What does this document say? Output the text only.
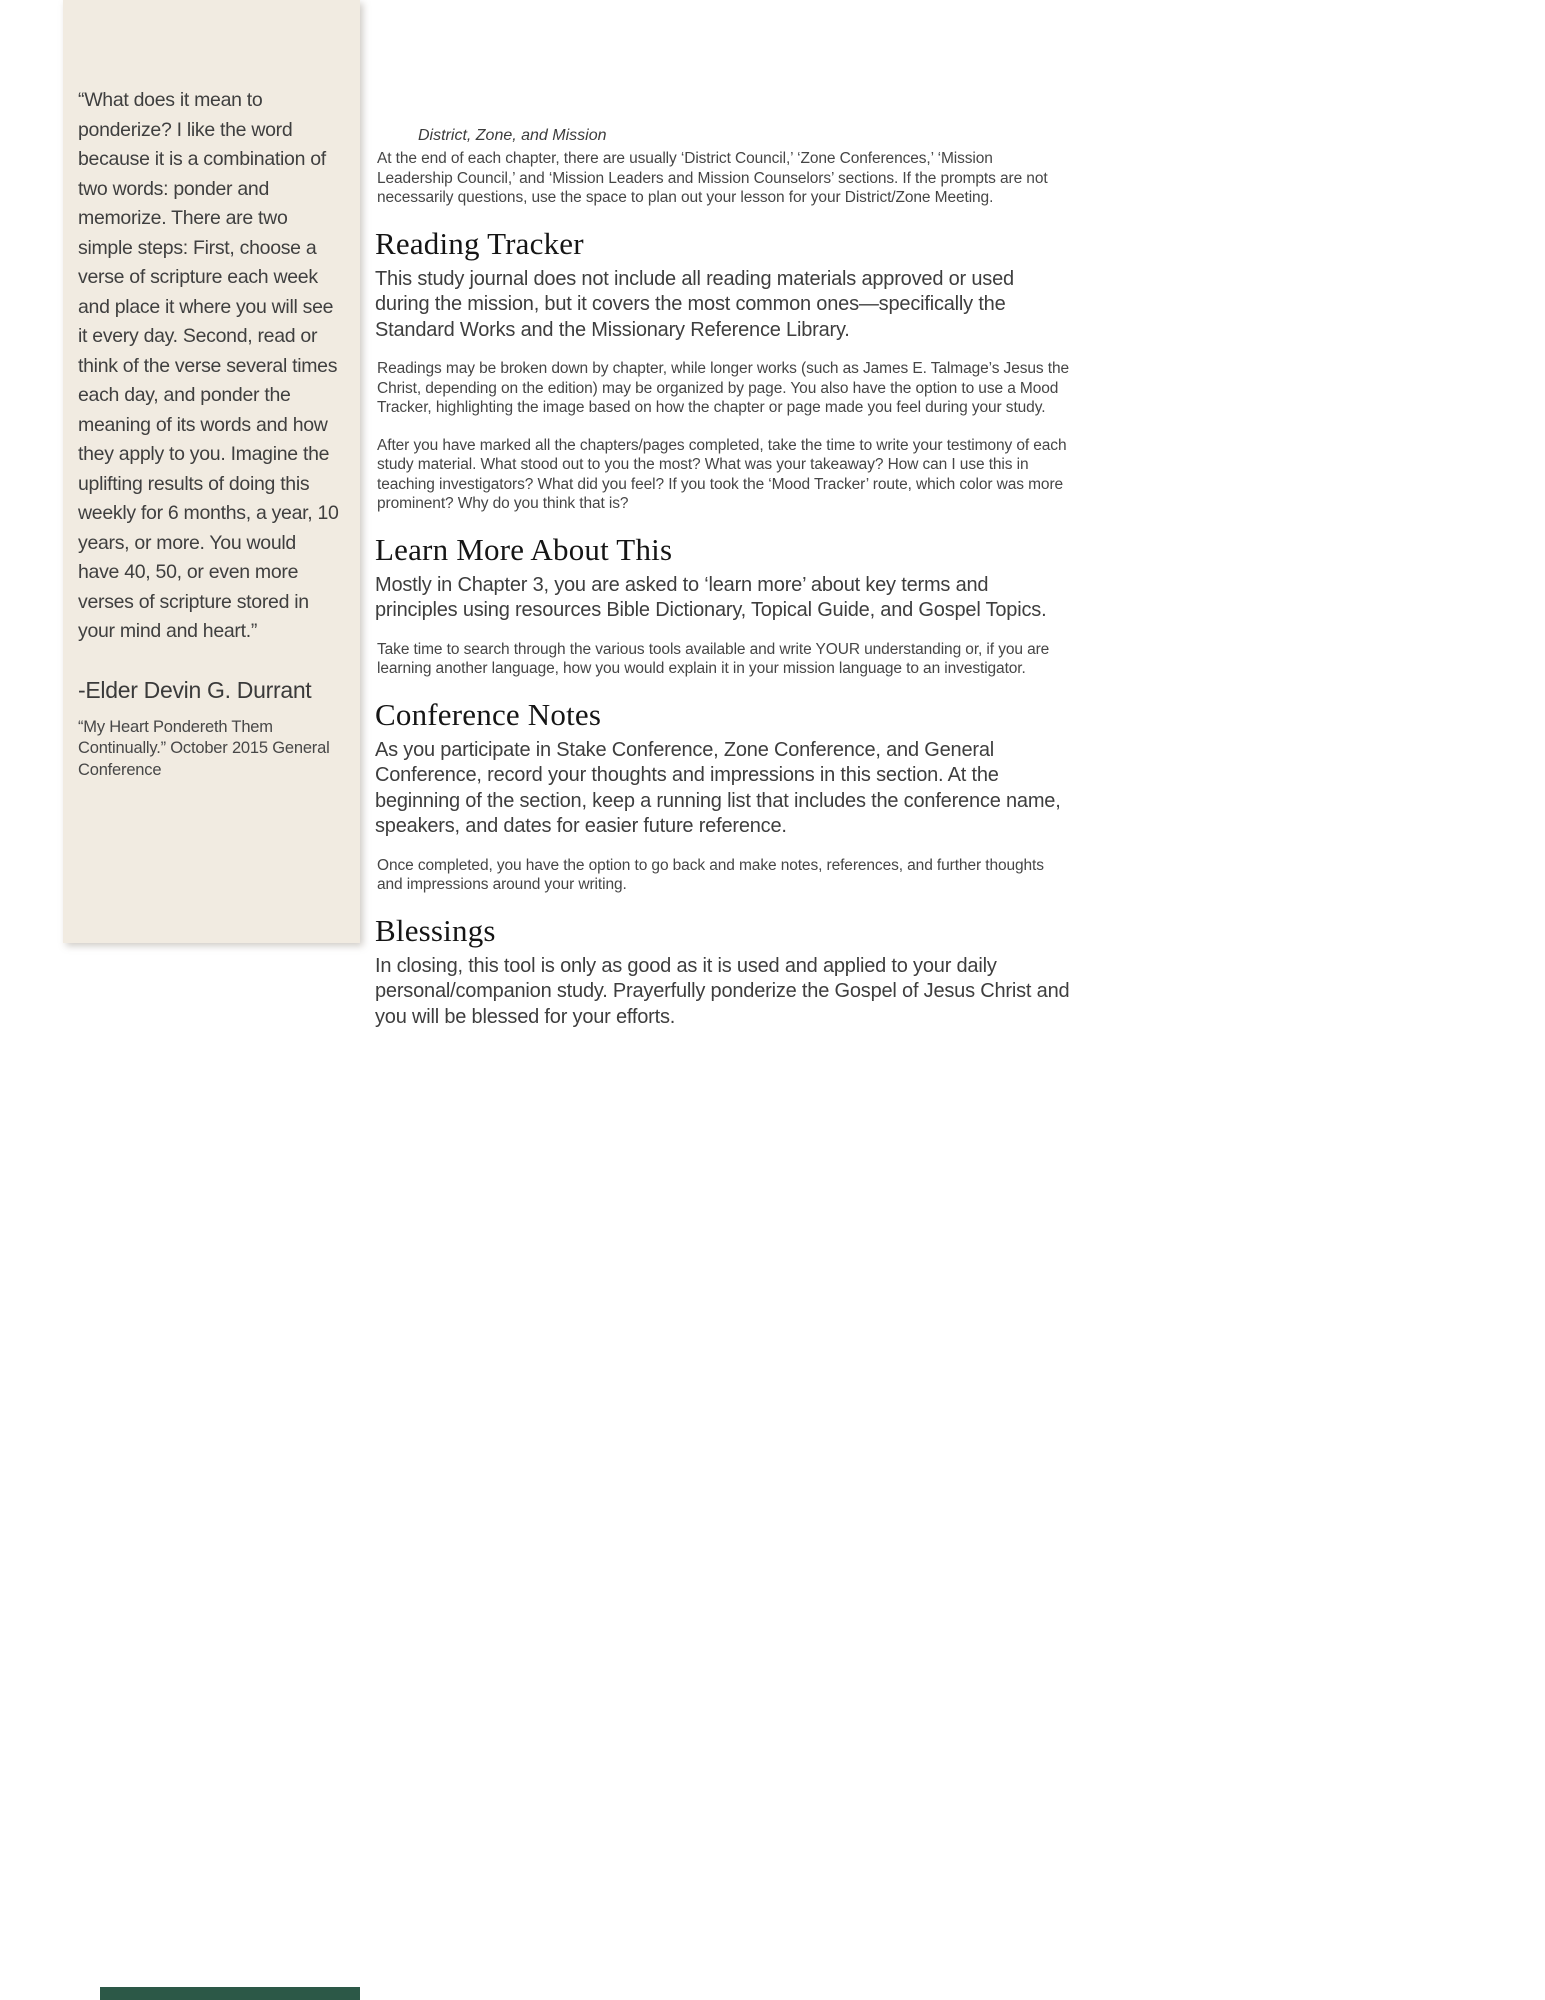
“What does it mean to ponderize? I like the word because it is a combination of two words: ponder and memorize. There are two simple steps: First, choose a verse of scripture each week and place it where you will see it every day. Second, read or think of the verse several times each day, and ponder the meaning of its words and how they apply to you. Imagine the uplifting results of doing this weekly for 6 months, a year, 10 years, or more. You would have 40, 50, or even more verses of scripture stored in your mind and heart.”

-Elder Devin G. Durrant

“My Heart Pondereth Them Continually.” October 2015 General Conference

District, Zone, and Mission

At the end of each chapter, there are usually ‘District Council,’ ‘Zone Conferences,’ ‘Mission Leadership Council,’ and ‘Mission Leaders and Mission Counselors’ sections. If the prompts are not necessarily questions, use the space to plan out your lesson for your District/Zone Meeting.

Reading Tracker

This study journal does not include all reading materials approved or used during the mission, but it covers the most common ones—specifically the Standard Works and the Missionary Reference Library.

Readings may be broken down by chapter, while longer works (such as James E. Talmage’s Jesus the Christ, depending on the edition) may be organized by page. You also have the option to use a Mood Tracker, highlighting the image based on how the chapter or page made you feel during your study.

After you have marked all the chapters/pages completed, take the time to write your testimony of each study material. What stood out to you the most? What was your takeaway? How can I use this in teaching investigators? What did you feel? If you took the ‘Mood Tracker’ route, which color was more prominent? Why do you think that is?

Learn More About This

Mostly in Chapter 3, you are asked to ‘learn more’ about key terms and principles using resources Bible Dictionary, Topical Guide, and Gospel Topics.

Take time to search through the various tools available and write YOUR understanding or, if you are learning another language, how you would explain it in your mission language to an investigator.

Conference Notes

As you participate in Stake Conference, Zone Conference, and General Conference, record your thoughts and impressions in this section. At the beginning of the section, keep a running list that includes the conference name, speakers, and dates for easier future reference.

Once completed, you have the option to go back and make notes, references, and further thoughts and impressions around your writing.

Blessings

In closing, this tool is only as good as it is used and applied to your daily personal/companion study. Prayerfully ponderize the Gospel of Jesus Christ and you will be blessed for your efforts.
